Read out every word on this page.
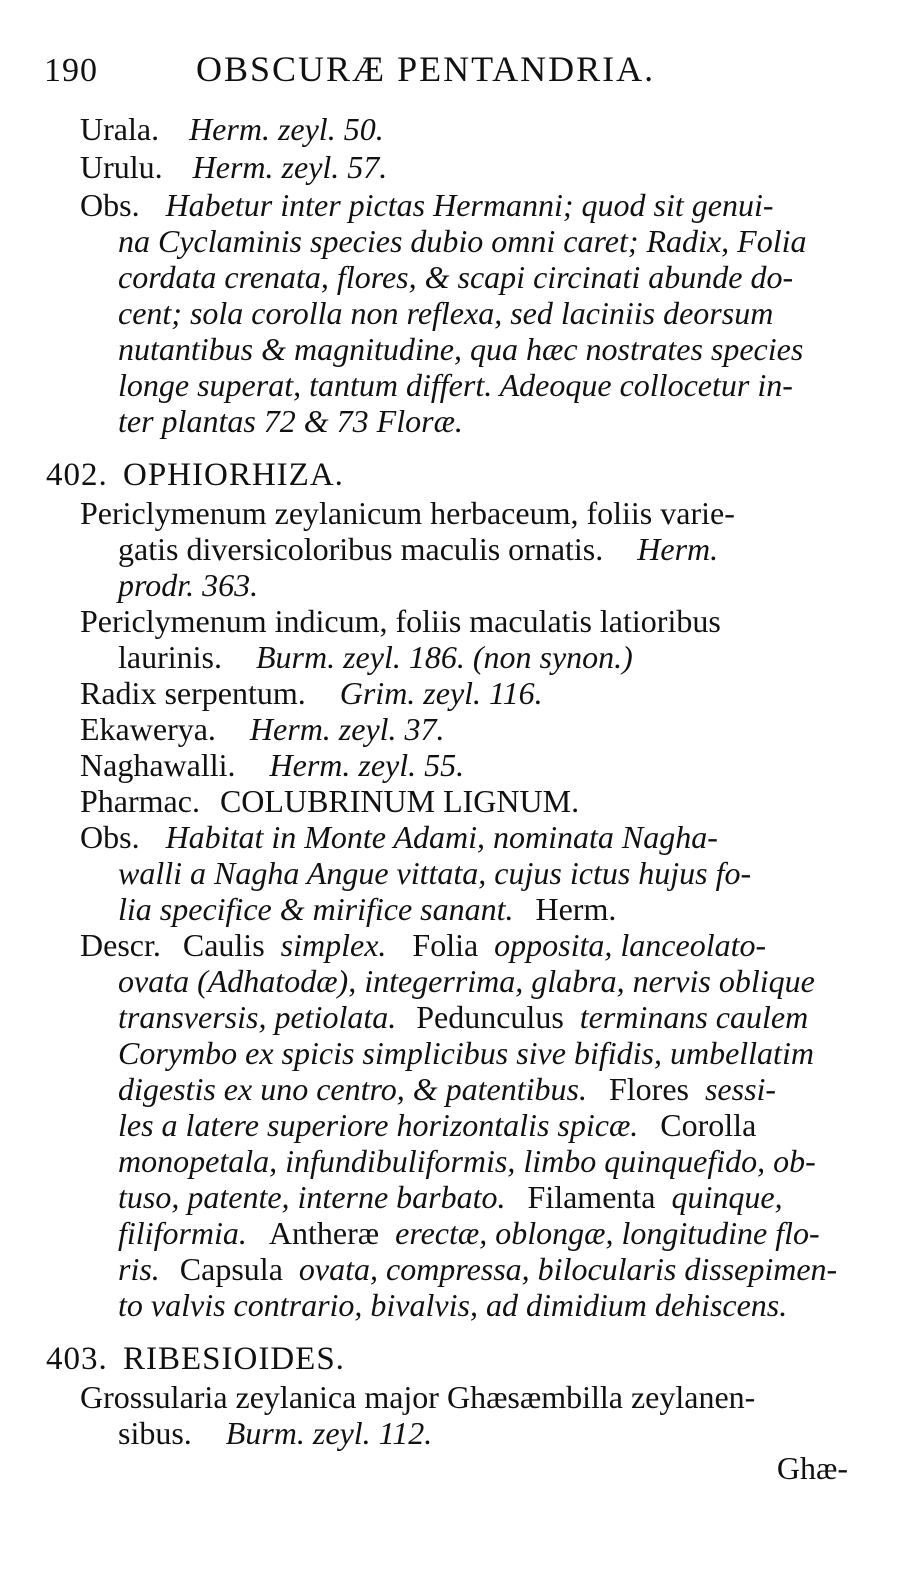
190	OBSCURÆ PENTANDRIA.
Urala. Herm. zeyl. 50.
Urulu. Herm. zeyl. 57.
Obs. Habetur inter pictas Hermanni; quod sit genui-
na Cyclaminis species dubio omni caret; Radix, Folia
cordata crenata, flores, & scapi circinati abunde do-
cent; sola corolla non reflexa, sed laciniis deorsum
nutantibus & magnitudine, qua hæc nostrates species
longe superat, tantum differt. Adeoque collocetur in-
ter plantas 72 & 73 Floræ.
402. OPHIORHIZA.
Periclymenum zeylanicum herbaceum, foliis varie-
gatis diversicoloribus maculis ornatis. Herm.
prodr. 363.
Periclymenum indicum, foliis maculatis latioribus
laurinis. Burm. zeyl. 186. (non synon.)
Radix serpentum. Grim. zeyl. 116.
Ekawerya. Herm. zeyl. 37.
Naghawalli. Herm. zeyl. 55.
Pharmac. COLUBRINUM LIGNUM.
Obs. Habitat in Monte Adami, nominata Nagha-
walli a Nagha Angue vittata, cujus ictus hujus fo-
lia specifice & mirifice sanant. Herm.
Descr. Caulis simplex. Folia opposita, lanceolato-
ovata (Adhatodæ), integerrima, glabra, nervis oblique
transversis, petiolata. Pedunculus terminans caulem
Corymbo ex spicis simplicibus sive bifidis, umbellatim
digestis ex uno centro, & patentibus. Flores sessi-
les a latere superiore horizontalis spicæ. Corolla
monopetala, infundibuliformis, limbo quinquefido, ob-
tuso, patente, interne barbato. Filamenta quinque,
filiformia. Antheræ erectæ, oblongæ, longitudine flo-
ris. Capsula ovata, compressa, bilocularis dissepimen-
to valvis contrario, bivalvis, ad dimidium dehiscens.
403. RIBESIOIDES.
Grossularia zeylanica major Ghæsæmbilla zeylanen-
sibus. Burm. zeyl. 112.
Ghæ-
